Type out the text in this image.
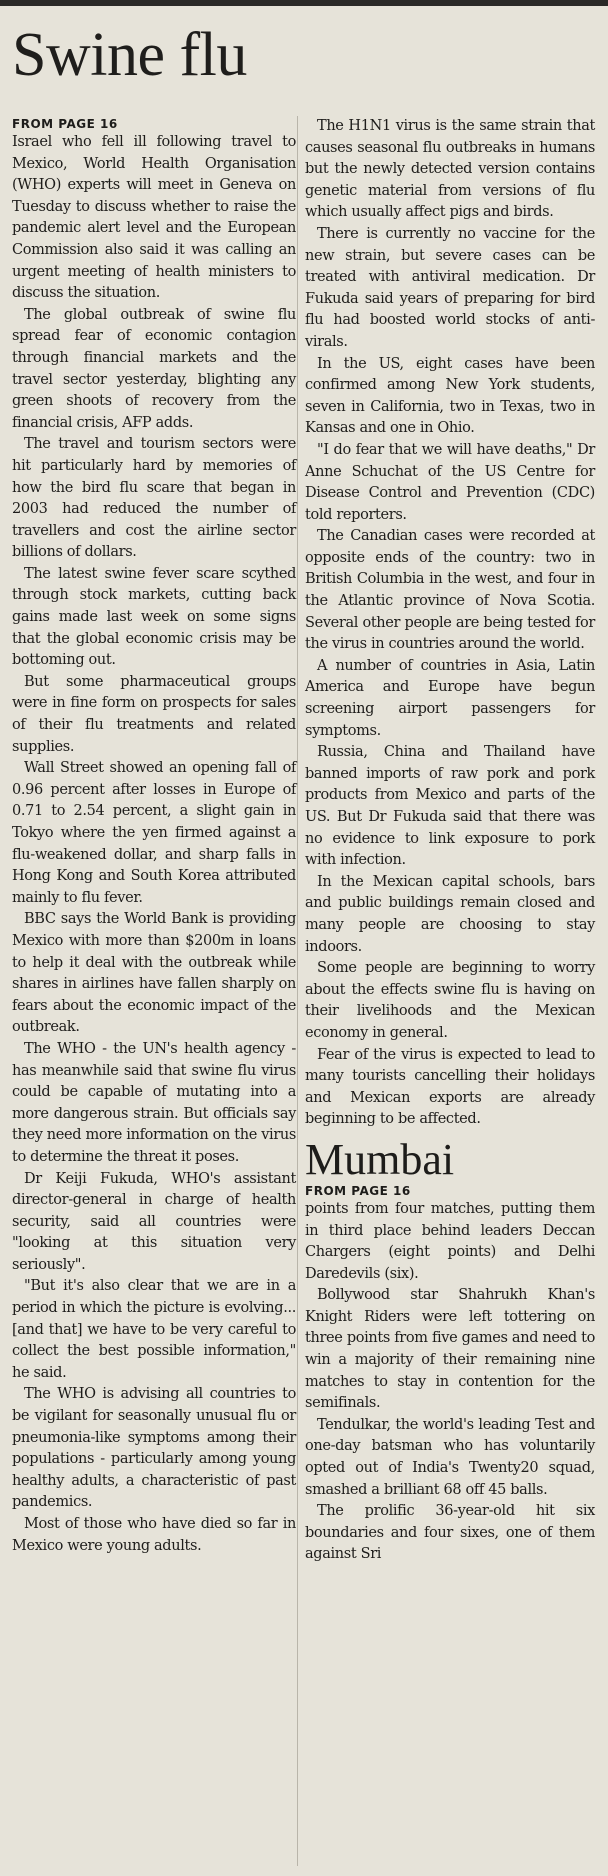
Swine flu

FROM PAGE 16

Israel who fell ill following travel to Mexico, World Health Organisation (WHO) experts will meet in Geneva on Tuesday to discuss whether to raise the pandemic alert level and the European Commission also said it was calling an urgent meeting of health ministers to discuss the situation.

The global outbreak of swine flu spread fear of economic contagion through financial markets and the travel sector yesterday, blighting any green shoots of recovery from the financial crisis, AFP adds.

The travel and tourism sectors were hit particularly hard by memories of how the bird flu scare that began in 2003 had reduced the number of travellers and cost the airline sector billions of dollars.

The latest swine fever scare scythed through stock markets, cutting back gains made last week on some signs that the global economic crisis may be bottoming out.

But some pharmaceutical groups were in fine form on prospects for sales of their flu treatments and related supplies.

Wall Street showed an opening fall of 0.96 percent after losses in Europe of 0.71 to 2.54 percent, a slight gain in Tokyo where the yen firmed against a flu-weakened dollar, and sharp falls in Hong Kong and South Korea attributed mainly to flu fever.

BBC says the World Bank is providing Mexico with more than $200m in loans to help it deal with the outbreak while shares in airlines have fallen sharply on fears about the economic impact of the outbreak.

The WHO - the UN's health agency - has meanwhile said that swine flu virus could be capable of mutating into a more dangerous strain. But officials say they need more information on the virus to determine the threat it poses.

Dr Keiji Fukuda, WHO's assistant director-general in charge of health security, said all countries were "looking at this situation very seriously".

"But it's also clear that we are in a period in which the picture is evolving... [and that] we have to be very careful to collect the best possible information," he said.

The WHO is advising all countries to be vigilant for seasonally unusual flu or pneumonia-like symptoms among their populations - particularly among young healthy adults, a characteristic of past pandemics.

Most of those who have died so far in Mexico were young adults.

The H1N1 virus is the same strain that causes seasonal flu outbreaks in humans but the newly detected version contains genetic material from versions of flu which usually affect pigs and birds.

There is currently no vaccine for the new strain, but severe cases can be treated with antiviral medication. Dr Fukuda said years of preparing for bird flu had boosted world stocks of anti-virals.

In the US, eight cases have been confirmed among New York students, seven in California, two in Texas, two in Kansas and one in Ohio.

"I do fear that we will have deaths," Dr Anne Schuchat of the US Centre for Disease Control and Prevention (CDC) told reporters.

The Canadian cases were recorded at opposite ends of the country: two in British Columbia in the west, and four in the Atlantic province of Nova Scotia. Several other people are being tested for the virus in countries around the world.

A number of countries in Asia, Latin America and Europe have begun screening airport passengers for symptoms.

Russia, China and Thailand have banned imports of raw pork and pork products from Mexico and parts of the US. But Dr Fukuda said that there was no evidence to link exposure to pork with infection.

In the Mexican capital schools, bars and public buildings remain closed and many people are choosing to stay indoors.

Some people are beginning to worry about the effects swine flu is having on their livelihoods and the Mexican economy in general.

Fear of the virus is expected to lead to many tourists cancelling their holidays and Mexican exports are already beginning to be affected.

Mumbai

FROM PAGE 16

points from four matches, putting them in third place behind leaders Deccan Chargers (eight points) and Delhi Daredevils (six).

Bollywood star Shahrukh Khan's Knight Riders were left tottering on three points from five games and need to win a majority of their remaining nine matches to stay in contention for the semifinals.

Tendulkar, the world's leading Test and one-day batsman who has voluntarily opted out of India's Twenty20 squad, smashed a brilliant 68 off 45 balls.

The prolific 36-year-old hit six boundaries and four sixes, one of them against Sri
